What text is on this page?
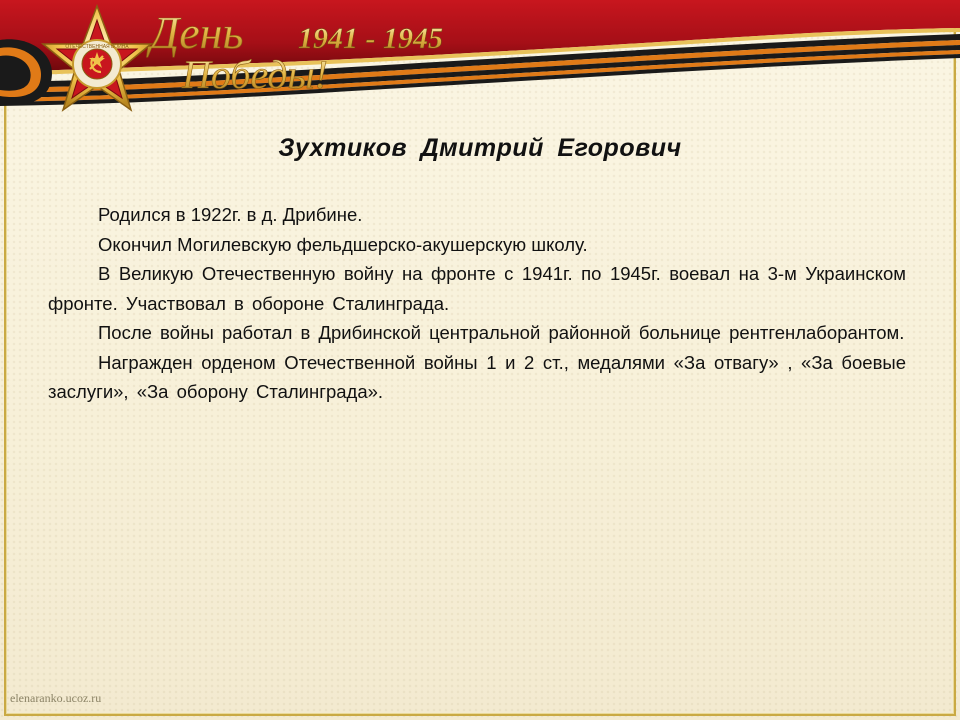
ОТЕЧЕСТВЕННАЯ ВОЙНА День
Победы!
1941 - 1945
Зухтиков Дмитрий Егорович

Родился в 1922г. в д. Дрибине.

Окончил Могилевскую фельдшерско-акушерскую школу.

В Великую Отечественную войну на фронте с 1941г. по 1945г. воевал на 3-м Украинском фронте. Участвовал в обороне Сталинграда.

После войны работал в Дрибинской центральной районной больнице рентгенлаборантом.

Награжден орденом Отечественной войны 1 и 2 ст., медалями «За отвагу» , «За боевые заслуги», «За оборону Сталинграда».

elenaranko.ucoz.ru
